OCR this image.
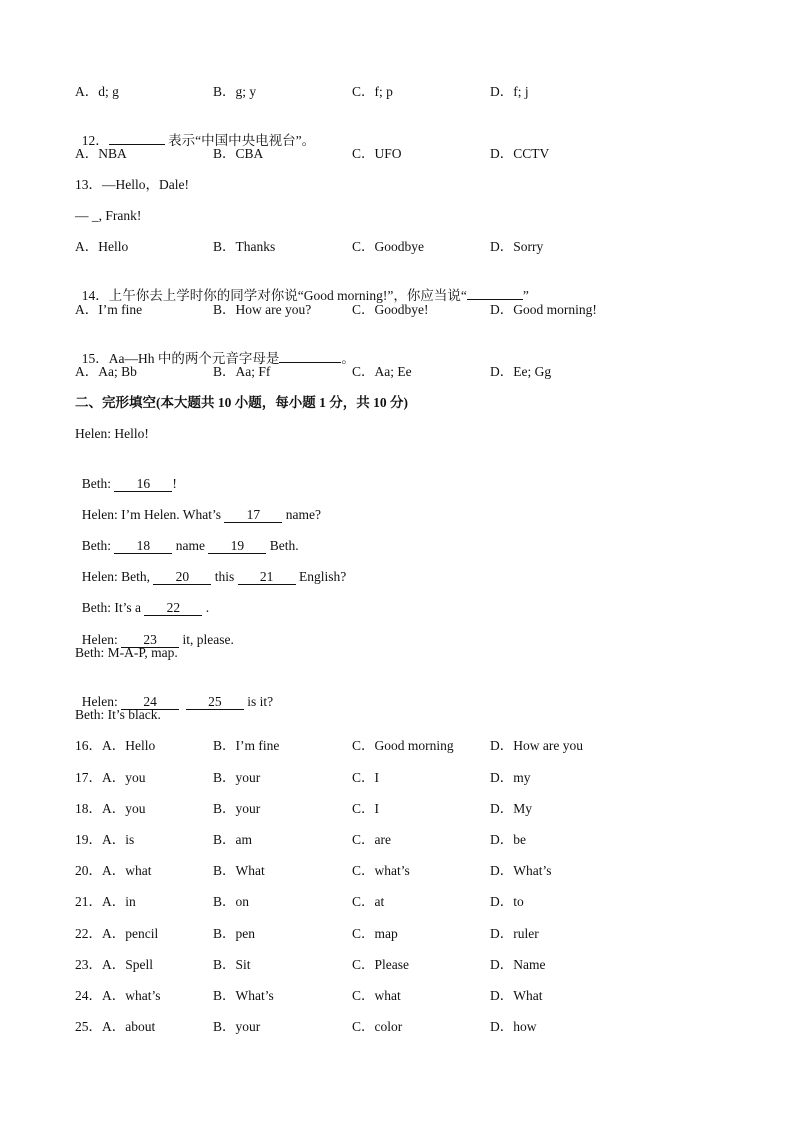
A．d; g	B．g; y	C．f; p	D．f; j

12．	表示“中国中央电视台”。

A．NBA	B．CBA	C．UFO	D．CCTV
13．—Hello，Dale!
— _, Frank!
A．Hello	B．Thanks	C．Goodbye	D．Sorry

14．上午你去上学时你的同学对你说“Good morning!”，你应当说“	”

A．I’m fine	B．How are you?	C．Goodbye!	D．Good morning!

15．Aa—Hh 中的两个元音字母是	。

A．Aa; Bb	B．Aa; Ff	C．Aa; Ee	D．Ee; Gg
二、完形填空(本大题共 10 小题，每小题 1 分，共 10 分)
Helen: Hello!

Beth: 16 !

Helen: I’m Helen. What’s 17 name?

Beth: 18 name 19 Beth.

Helen: Beth, 20 this 21 English?

Beth: It’s a 22 .

Helen: 23 it, please.

Beth: M-A-P, map.

Helen: 24	25 is it?

Beth: It’s black.
16．A．Hello	B．I’m fine	C．Good morning	D．How are you
17．A．you	B．your	C．I	D．my
18．A．you	B．your	C．I	D．My
19．A．is	B．am	C．are	D．be
20．A．what	B．What	C．what’s	D．What’s
21．A．in	B．on	C．at	D．to
22．A．pencil	B．pen	C．map	D．ruler
23．A．Spell	B．Sit	C．Please	D．Name
24．A．what’s	B．What’s	C．what	D．What
25．A．about	B．your	C．color	D．how
